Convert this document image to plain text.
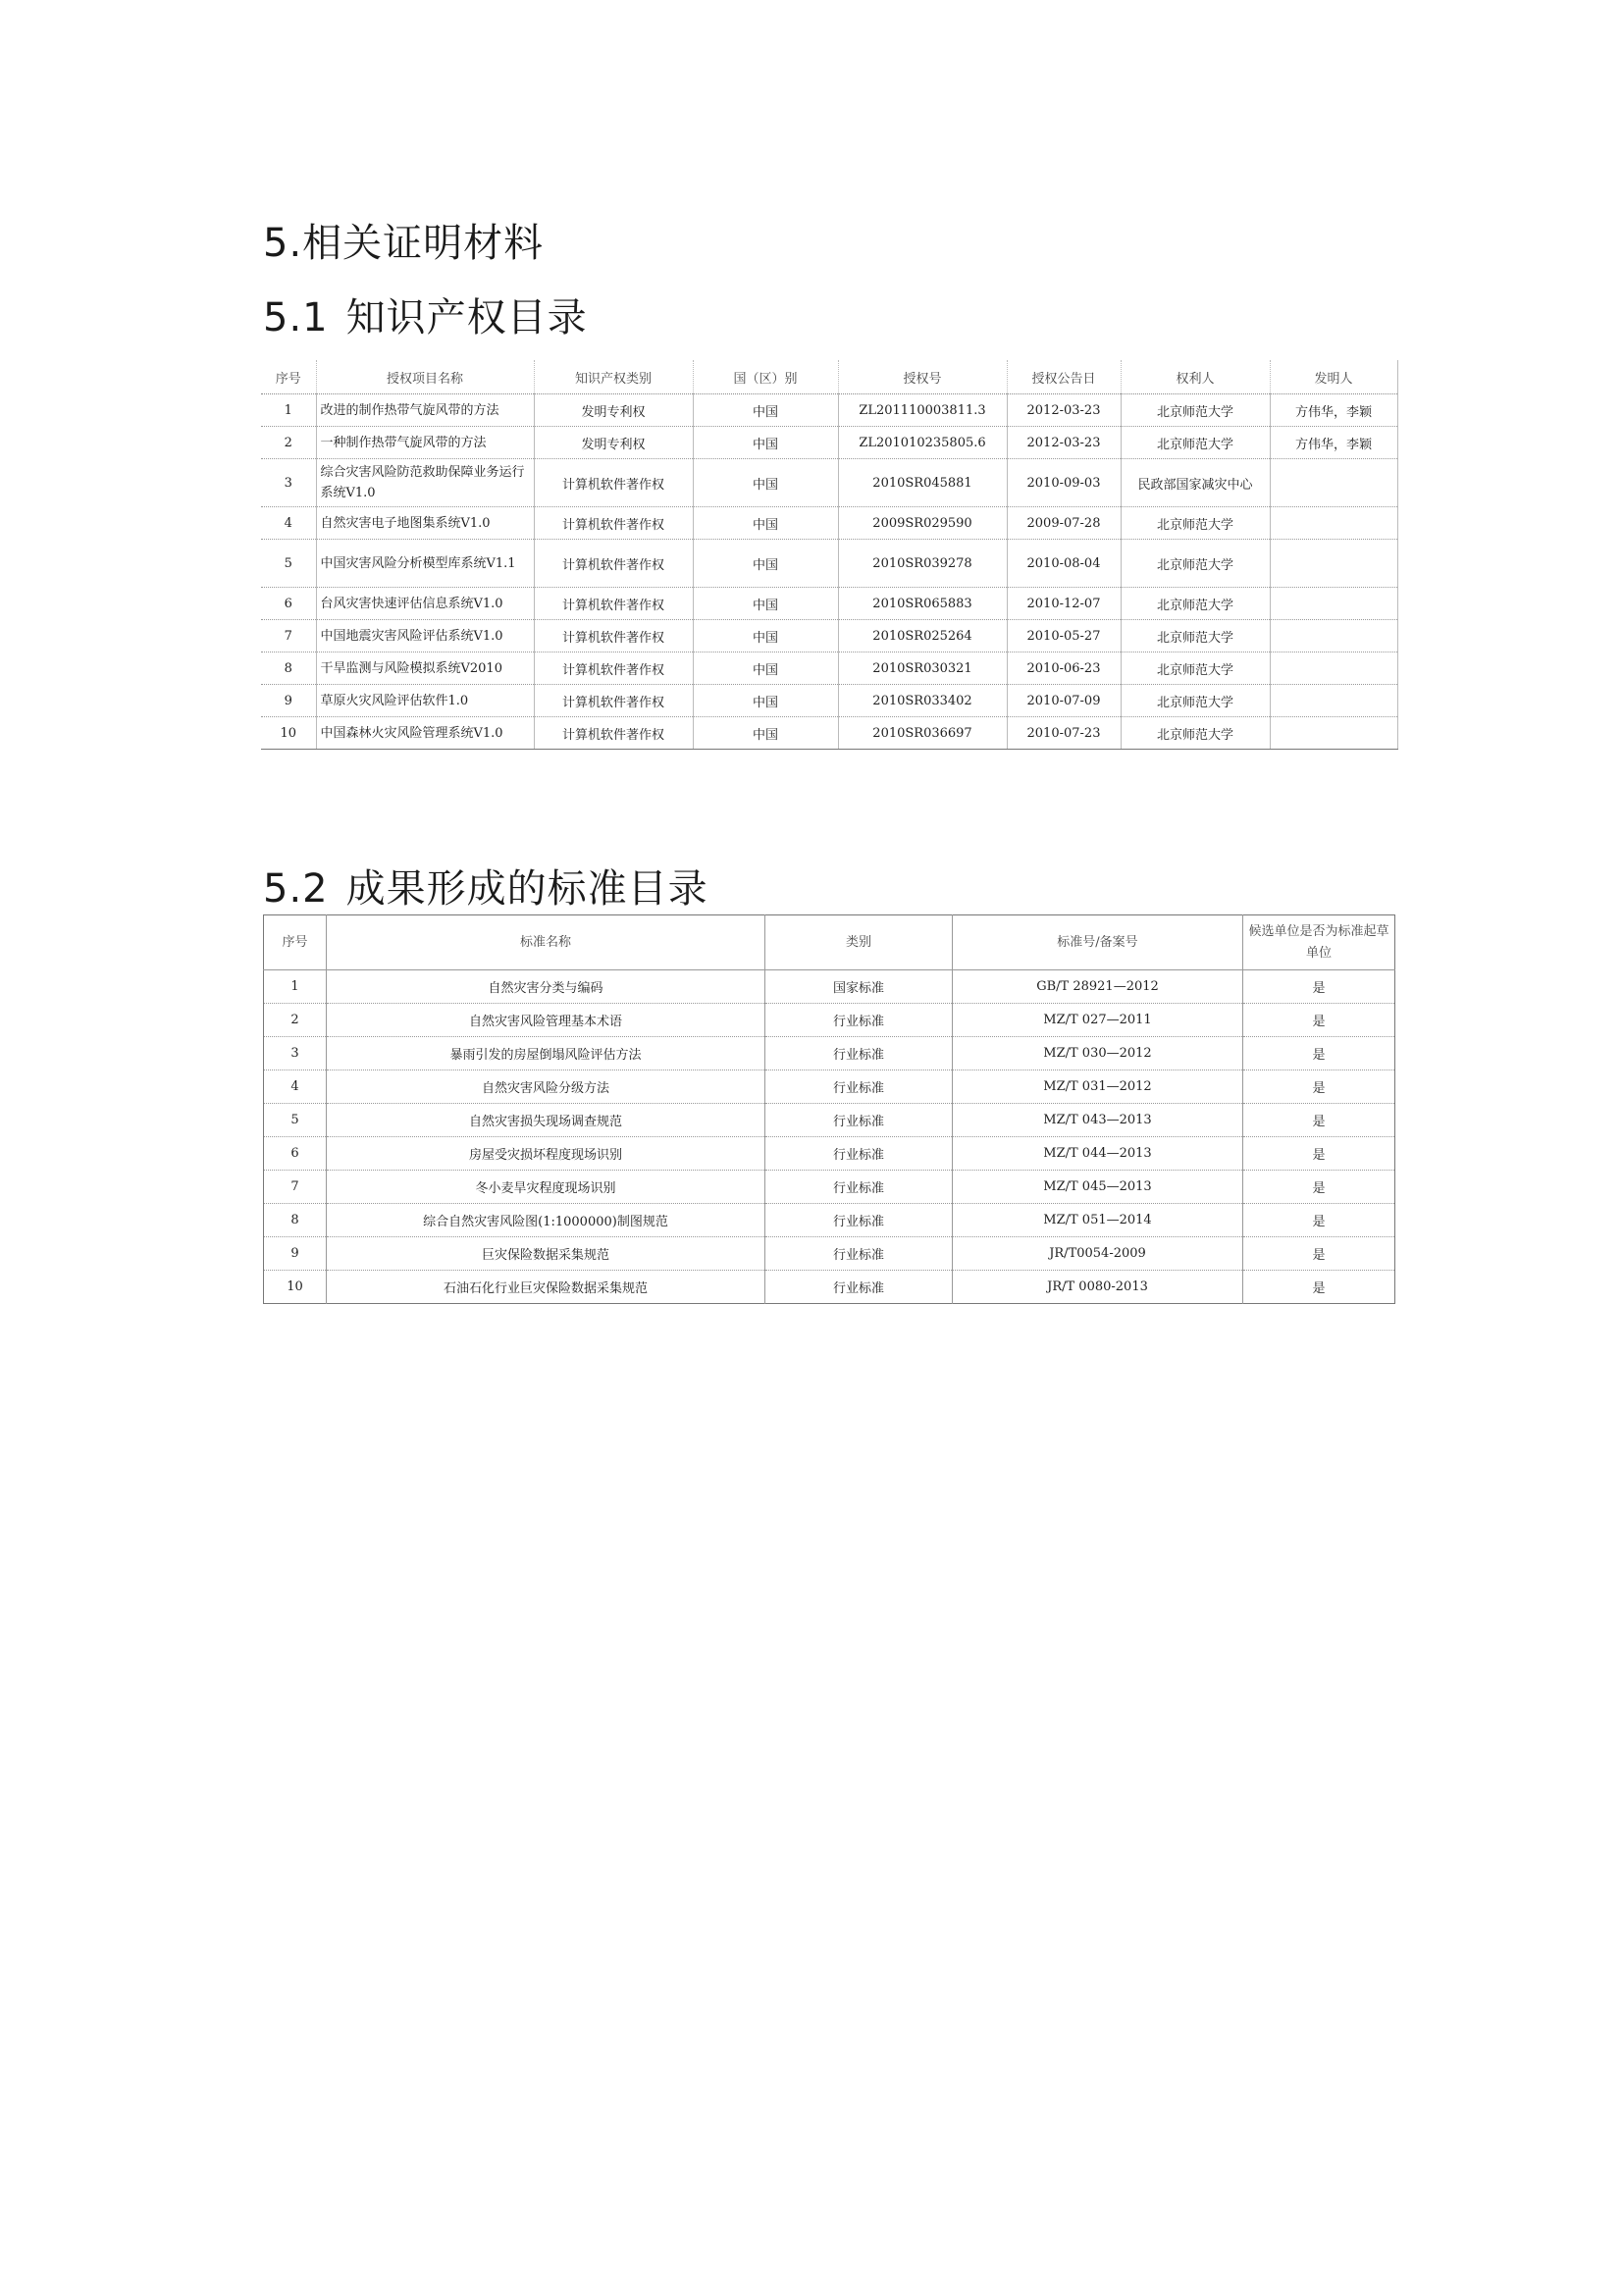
5.相关证明材料
5.1 知识产权目录
序号	授权项目名称	知识产权类别	国（区）别	授权号	授权公告日	权利人	发明人
1	改进的制作热带气旋风带的方法	发明专利权	中国	ZL201110003811.3	2012-03-23	北京师范大学	方伟华，李颖
2	一种制作热带气旋风带的方法	发明专利权	中国	ZL201010235805.6	2012-03-23	北京师范大学	方伟华，李颖
3	综合灾害风险防范救助保障业务运行系统V1.0	计算机软件著作权	中国	2010SR045881	2010-09-03	民政部国家减灾中心	
4	自然灾害电子地图集系统V1.0	计算机软件著作权	中国	2009SR029590	2009-07-28	北京师范大学	
5	中国灾害风险分析模型库系统V1.1	计算机软件著作权	中国	2010SR039278	2010-08-04	北京师范大学	
6	台风灾害快速评估信息系统V1.0	计算机软件著作权	中国	2010SR065883	2010-12-07	北京师范大学	
7	中国地震灾害风险评估系统V1.0	计算机软件著作权	中国	2010SR025264	2010-05-27	北京师范大学	
8	干旱监测与风险模拟系统V2010	计算机软件著作权	中国	2010SR030321	2010-06-23	北京师范大学	
9	草原火灾风险评估软件1.0	计算机软件著作权	中国	2010SR033402	2010-07-09	北京师范大学	
10	中国森林火灾风险管理系统V1.0	计算机软件著作权	中国	2010SR036697	2010-07-23	北京师范大学	
5.2 成果形成的标准目录
序号	标准名称	类别	标准号/备案号	候选单位是否为标准起草单位
1	自然灾害分类与编码	国家标准	GB/T 28921—2012	是
2	自然灾害风险管理基本术语	行业标准	MZ/T 027—2011	是
3	暴雨引发的房屋倒塌风险评估方法	行业标准	MZ/T 030—2012	是
4	自然灾害风险分级方法	行业标准	MZ/T 031—2012	是
5	自然灾害损失现场调查规范	行业标准	MZ/T 043—2013	是
6	房屋受灾损坏程度现场识别	行业标准	MZ/T 044—2013	是
7	冬小麦旱灾程度现场识别	行业标准	MZ/T 045—2013	是
8	综合自然灾害风险图(1:1000000)制图规范	行业标准	MZ/T 051—2014	是
9	巨灾保险数据采集规范	行业标准	JR/T0054-2009	是
10	石油石化行业巨灾保险数据采集规范	行业标准	JR/T 0080-2013	是
